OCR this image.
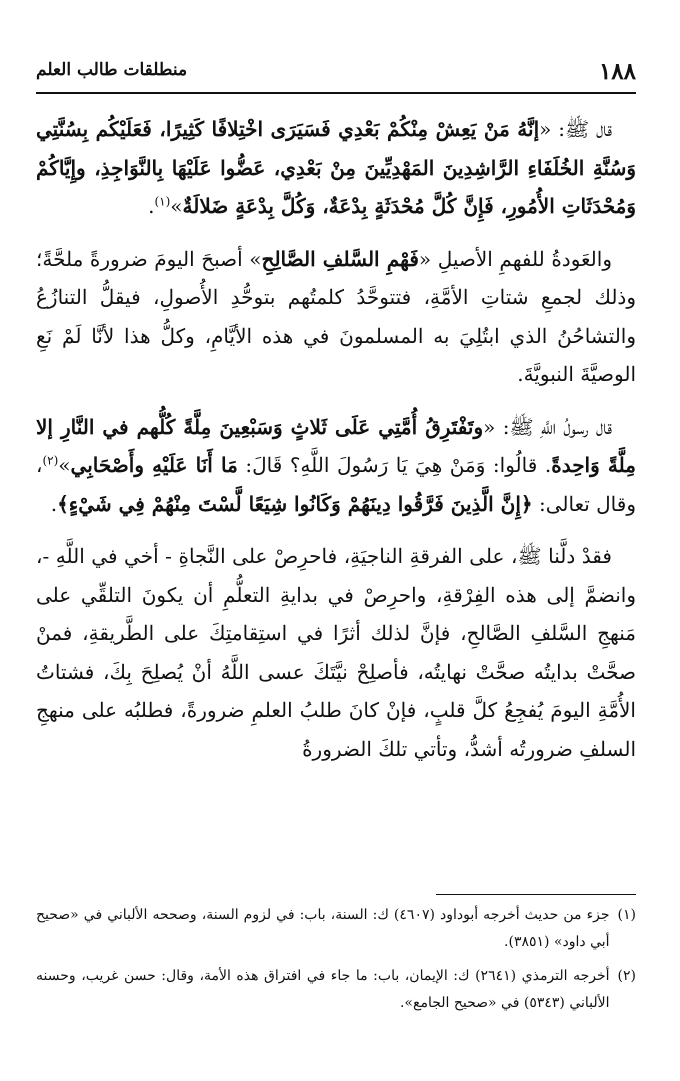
١٨٨
منطلقات طالب العلم

قال ﷺ: «إنَّهُ مَنْ يَعِشْ مِنْكُمْ بَعْدِي فَسَيَرَى اخْتِلافًا كَثِيرًا، فَعَلَيْكُم بِسُنَّتِي وَسُنَّةِ الخُلَفَاءِ الرَّاشِدِينَ المَهْدِيِّينَ مِنْ بَعْدِي، عَضُّوا عَلَيْهَا بِالنَّوَاجِذِ، وإِيَّاكُمْ وَمُحْدَثَاتِ الأُمُورِ، فَإِنَّ كُلَّ مُحْدَثَةٍ بِدْعَةٌ، وَكُلَّ بِدْعَةٍ ضَلالَةٌ»$^{(١)}$.

والعَودةُ للفهمِ الأصيلِ «فَهْمِ السَّلفِ الصَّالِحِ» أصبحَ اليومَ ضرورةً ملحَّةً؛ وذلك لجمعِ شتاتِ الأمَّةِ، فتتوحَّدُ كلمتُهم بتوحُّدِ الأُصولِ، فيقلُّ التنازُعُ والتشاحُنُ الذي ابتُلِيَ به المسلمونَ في هذه الأيَّامِ، وكلُّ هذا لأنَّا لَمْ نَعِ الوصيَّةَ النبويَّةَ.

قال رسولُ اللَّهِ ﷺ: «وتَفْتَرِقُ أُمَّتِي عَلَى ثَلاثٍ وَسَبْعِينَ مِلَّةً كُلُّهم في النَّارِ إلا مِلَّةً وَاحِدةً. قالُوا: وَمَنْ هِيَ يَا رَسُولَ اللَّهِ؟ قَالَ: مَا أَنَا عَلَيْهِ وأَصْحَابِي»$^{(٢)}$، وقال تعالى: ﴿إِنَّ الَّذِينَ فَرَّقُوا دِينَهُمْ وَكَانُوا شِيَعًا لَّسْتَ مِنْهُمْ فِي شَيْءٍ﴾.

فقدْ دلَّنا ﷺ، على الفرقةِ الناجيَةِ، فاحرِصْ على النَّجاةِ - أخي في اللَّهِ -، وانضمَّ إلى هذه الفِرْقةِ، واحرِصْ في بدايةِ التعلُّمِ أن يكونَ التلقِّي على مَنهجِ السَّلفِ الصَّالحِ، فإنَّ لذلك أثرًا في استِقامتِكَ على الطَّريقةِ، فمنْ صحَّتْ بدايتُه صحَّتْ نهايتُه، فأصلِحْ نيَّتَكَ عسى اللَّهُ أنْ يُصلِحَ بِكَ، فشتاتُ الأُمَّةِ اليومَ يُفجِعُ كلَّ قلبٍ، فإنْ كانَ طلبُ العلمِ ضرورةً، فطلبُه على منهجِ السلفِ ضرورتُه أشدُّ، وتأتي تلكَ الضرورةُ

(١)
جزء من حديث أخرجه أبوداود (٤٦٠٧) ك: السنة، باب: في لزوم السنة، وصححه الألباني في «صحيح أبي داود» (٣٨٥١).
(٢)
أخرجه الترمذي (٢٦٤١) ك: الإيمان، باب: ما جاء في افتراق هذه الأمة، وقال: حسن غريب، وحسنه الألباني (٥٣٤٣) في «صحيح الجامع».
